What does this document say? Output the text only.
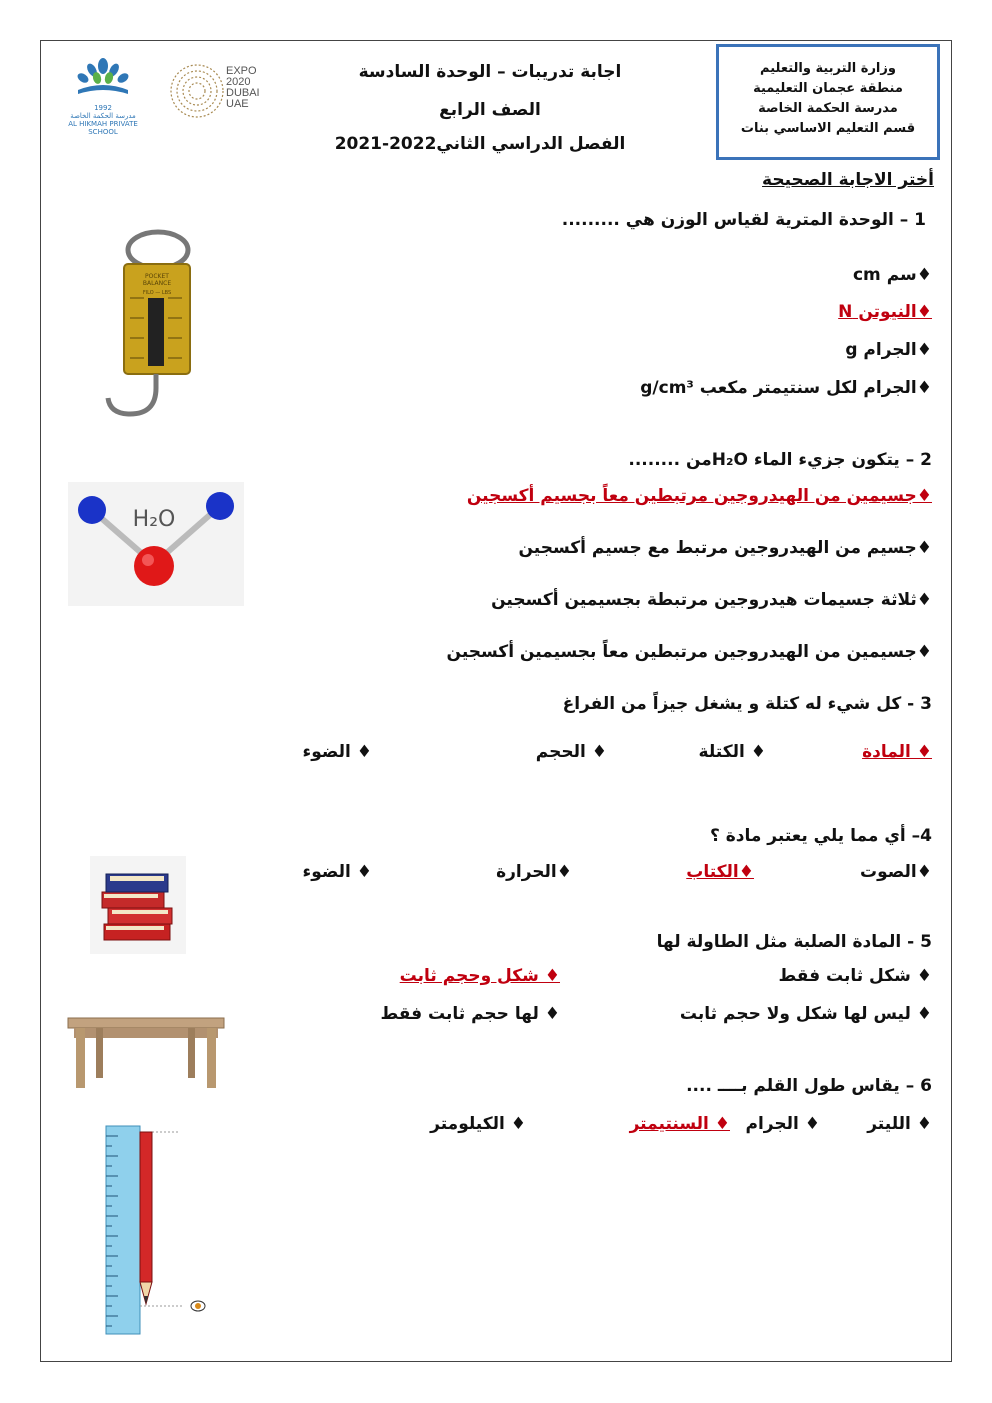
وزارة التربية والتعليم
منطقة عجمان التعليمية
مدرسة الحكمة الخاصة
قسم التعليم الاساسي بنات
اجابة تدريبات – الوحدة السادسة
الصف الرابع
الفصل الدراسي الثاني2022-2021
EXPO
2020
DUBAI
UAE
1992
مدرسة الحكمة الخاصة
AL HIKMAH PRIVATE SCHOOL
أختر الاجابة الصحيحة
1 – الوحدة المترية لقياس الوزن هي .........
♦سم cm
♦النيوتن N
♦الجرام g
♦الجرام لكل سنتيمتر مكعب g/cm³
POCKET
BALANCE
FILO — LBS
2 – يتكون جزيء الماء H₂Oمن ........
♦جسيمين من الهيدروجين مرتبطين معاً بجسيم أكسجين
♦جسيم من الهيدروجين مرتبط مع جسيم أكسجين
♦ثلاثة جسيمات هيدروجين مرتبطة بجسيمين أكسجين
♦جسيمين من الهيدروجين مرتبطين معاً بجسيمين أكسجين
H₂O
3 - كل شيء له كتلة و يشغل جيزاً من الفراغ
♦ المادة
♦ الكتلة
♦ الحجم
♦ الضوء
4– أي مما يلي يعتبر مادة ؟
♦الصوت
♦الكتاب
♦الحرارة
♦ الضوء
5 - المادة الصلبة مثل الطاولة لها
♦ شكل ثابت فقط
♦ شكل وحجم ثابت
♦ ليس لها شكل ولا حجم ثابت
♦ لها حجم ثابت فقط
6 – يقاس طول القلم بــــ ....
♦ الليتر
♦ الجرام
♦ السنتيمتر
♦ الكيلومتر
